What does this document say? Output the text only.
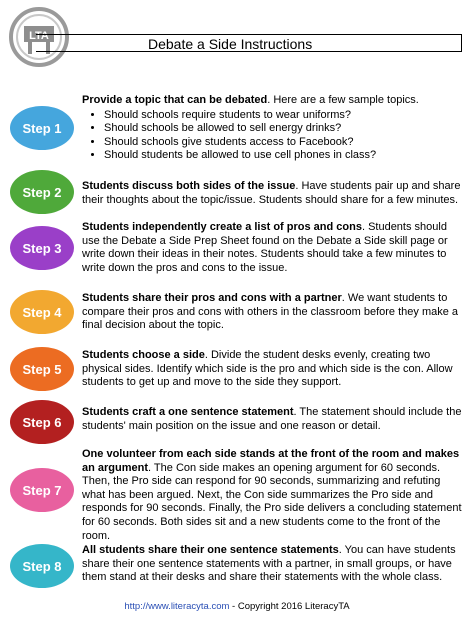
LTA	Debate a Side Instructions
Step 1
Provide a topic that can be debated. Here are a few sample topics.
• Should schools require students to wear uniforms?
• Should schools be allowed to sell energy drinks?
• Should schools give students access to Facebook?
• Should students be allowed to use cell phones in class?
Step 2 Students discuss both sides of the issue. Have students pair up and share their thoughts about the topic/issue. Students should share for a few minutes.
Step 3
Students independently create a list of pros and cons. Students should use the Debate a Side Prep Sheet found on the Debate a Side skill page or write down their ideas in their notes. Students should take a few minutes to write down the pros and cons to the issue.
Step 4
Students share their pros and cons with a partner. We want students to compare their pros and cons with others in the classroom before they make a final decision about the topic.
Step 5
Students choose a side. Divide the student desks evenly, creating two physical sides. Identify which side is the pro and which side is the con. Allow students to get up and move to the side they support.
Step 6
Students craft a one sentence statement. The statement should include the students' main position on the issue and one reason or detail.
Step 7
One volunteer from each side stands at the front of the room and makes an argument. The Con side makes an opening argument for 60 seconds. Then, the Pro side can respond for 90 seconds, summarizing and refuting what has been argued. Next, the Con side summarizes the Pro side and responds for 90 seconds. Finally, the Pro side delivers a concluding statement for 60 seconds. Both sides sit and a new students come to the front of the room.
Step 8
All students share their one sentence statements. You can have students share their one sentence statements with a partner, in small groups, or have them stand at their desks and share their statements with the whole class.
http://www.literacyta.com - Copyright 2016 LiteracyTA
